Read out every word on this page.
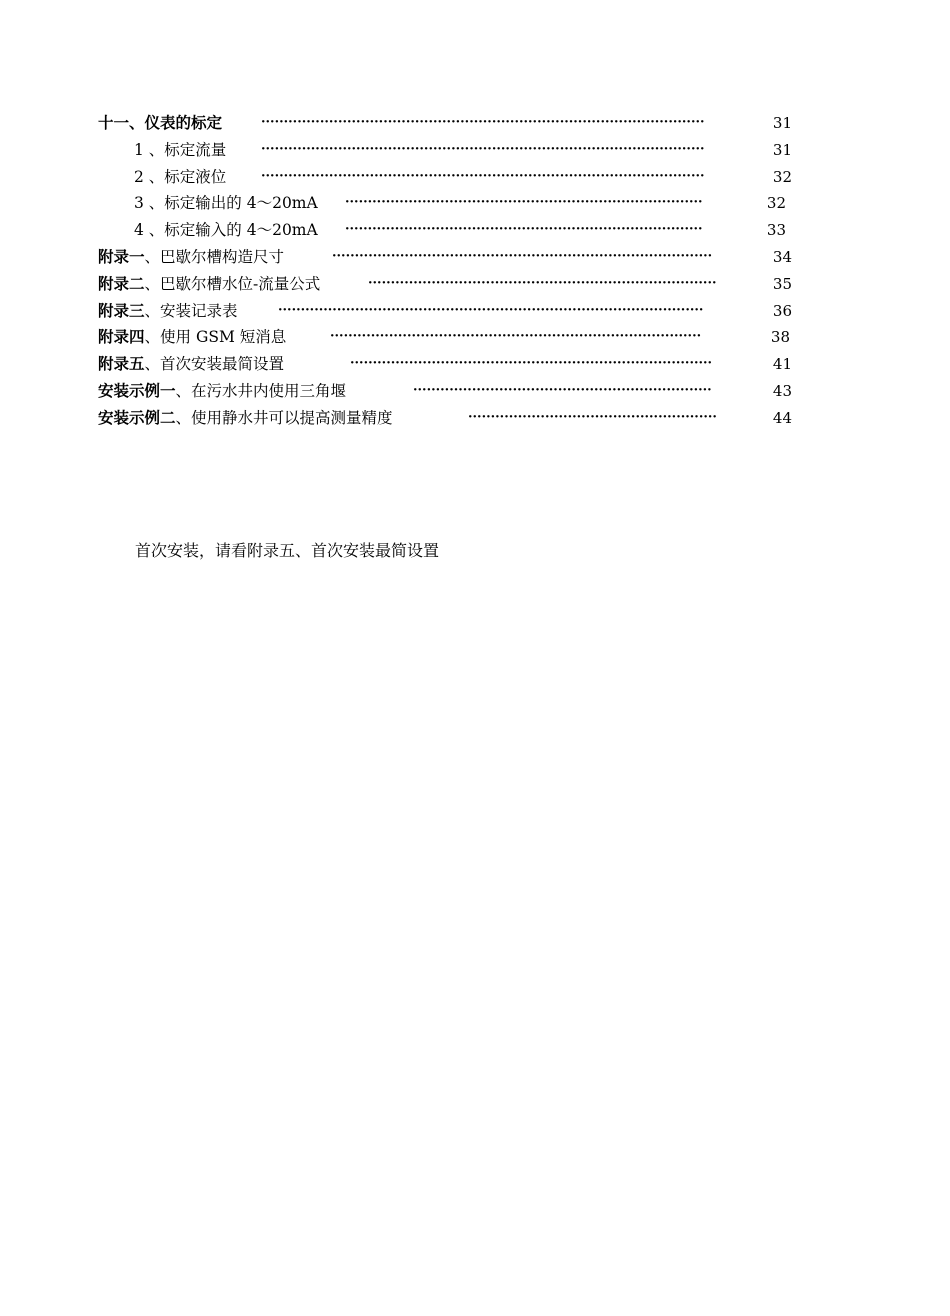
十一、仪表的标定	··································································································	31
1 、标定流量	··································································································	31
2 、标定液位	··································································································	32
3 、标定输出的 4～20mA ···············································································	32
4 、标定输入的 4～20mA ···············································································	33
附录一、巴歇尔槽构造尺寸	····················································································	34
附录二、巴歇尔槽水位-流量公式	·············································································	35
附录三、安装记录表	······························································································	36
附录四、使用 GSM 短消息	··················································································	38
附录五、首次安装最简设置	················································································	41
安装示例一、在污水井内使用三角堰	··································································	43
安装示例二、使用静水井可以提高测量精度	·······················································	44
首次安装，请看附录五、首次安装最简设置
